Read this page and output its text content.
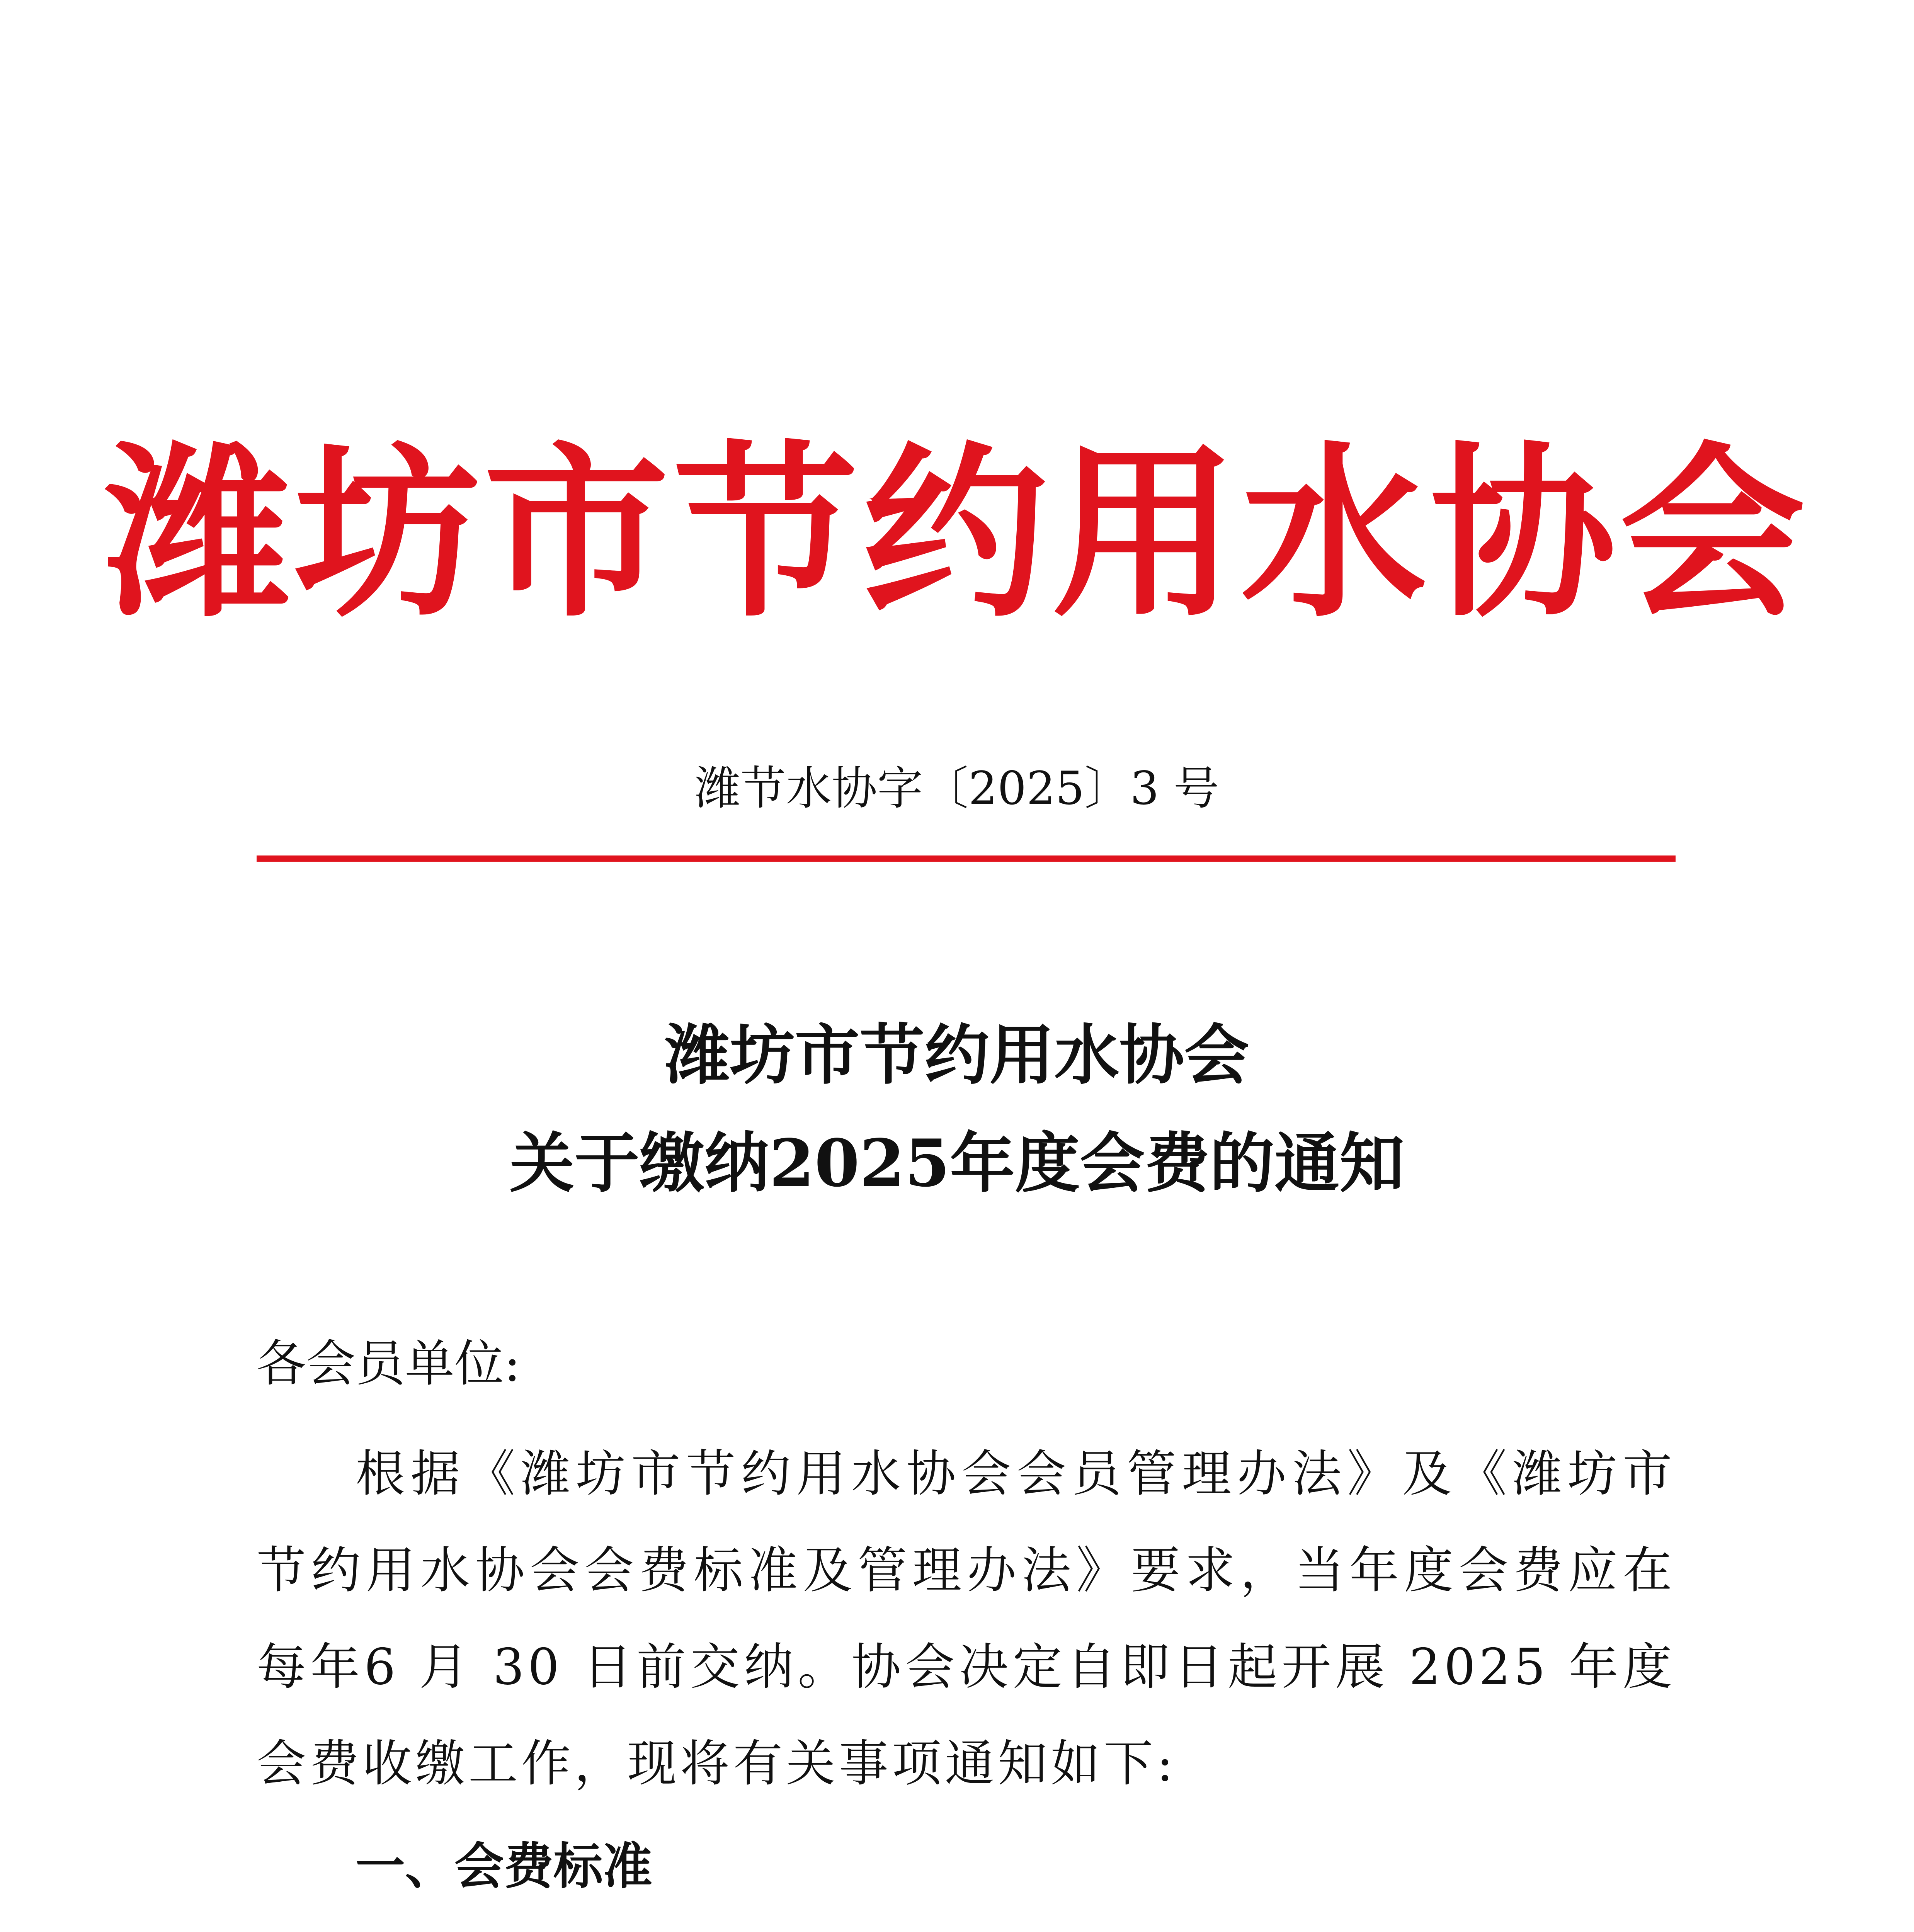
潍坊市节约用水协会
潍节水协字〔2025〕3 号
潍坊市节约用水协会
关于缴纳2025年度会费的通知
各会员单位:
根据《潍坊市节约用水协会会员管理办法》及《潍坊市节约用水协会会费标准及管理办法》要求，当年度会费应在每年6 月 30 日前交纳。协会决定自即日起开展 2025 年度会费收缴工作，现将有关事项通知如下:
一、会费标准
